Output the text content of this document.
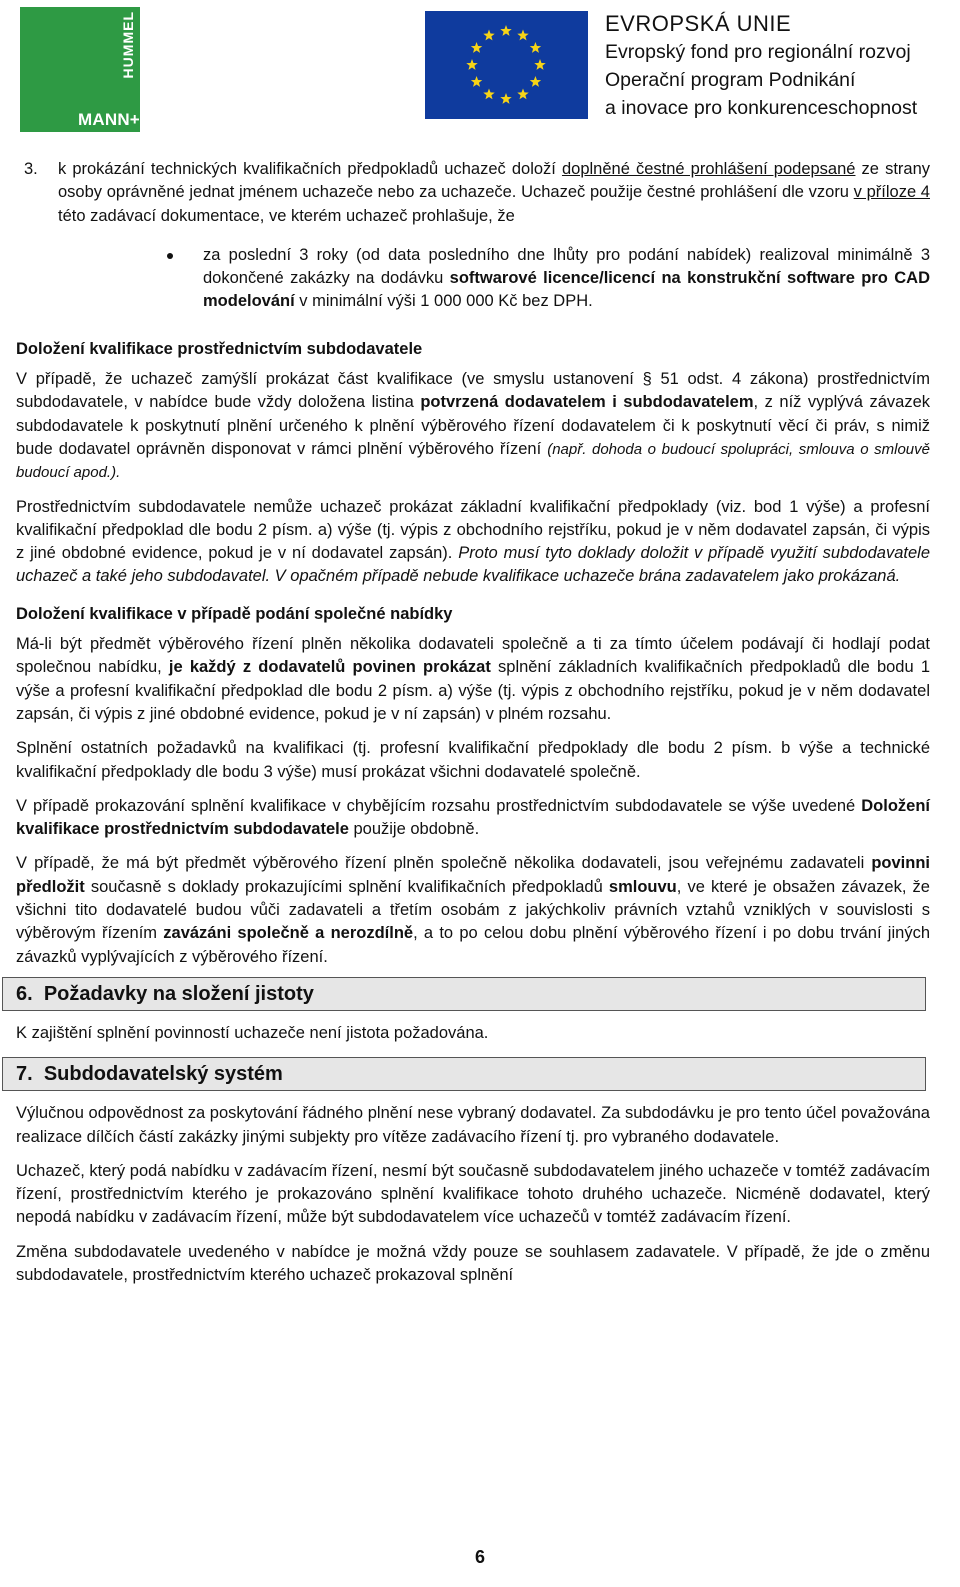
HUMMEL
MANN+
EVROPSKÁ UNIE
Evropský fond pro regionální rozvoj
Operační program Podnikání
a inovace pro konkurenceschopnost
3. k prokázání technických kvalifikačních předpokladů uchazeč doloží doplněné čestné prohlášení podepsané ze strany osoby oprávněné jednat jménem uchazeče nebo za uchazeče. Uchazeč použije čestné prohlášení dle vzoru v příloze 4 této zadávací dokumentace, ve kterém uchazeč prohlašuje, že

za poslední 3 roky (od data posledního dne lhůty pro podání nabídek) realizoval minimálně 3 dokončené zakázky na dodávku softwarové licence/licencí na konstrukční software pro CAD modelování v minimální výši 1 000 000 Kč bez DPH.

Doložení kvalifikace prostřednictvím subdodavatele

V případě, že uchazeč zamýšlí prokázat část kvalifikace (ve smyslu ustanovení § 51 odst. 4 zákona) prostřednictvím subdodavatele, v nabídce bude vždy doložena listina potvrzená dodavatelem i subdodavatelem, z níž vyplývá závazek subdodavatele k poskytnutí plnění určeného k plnění výběrového řízení dodavatelem či k poskytnutí věcí či práv, s nimiž bude dodavatel oprávněn disponovat v rámci plnění výběrového řízení (např. dohoda o budoucí spolupráci, smlouva o smlouvě budoucí apod.).

Prostřednictvím subdodavatele nemůže uchazeč prokázat základní kvalifikační předpoklady (viz. bod 1 výše) a profesní kvalifikační předpoklad dle bodu 2 písm. a) výše (tj. výpis z obchodního rejstříku, pokud je v něm dodavatel zapsán, či výpis z jiné obdobné evidence, pokud je v ní dodavatel zapsán). Proto musí tyto doklady doložit v případě využití subdodavatele uchazeč a také jeho subdodavatel. V opačném případě nebude kvalifikace uchazeče brána zadavatelem jako prokázaná.

Doložení kvalifikace v případě podání společné nabídky

Má-li být předmět výběrového řízení plněn několika dodavateli společně a ti za tímto účelem podávají či hodlají podat společnou nabídku, je každý z dodavatelů povinen prokázat splnění základních kvalifikačních předpokladů dle bodu 1 výše a profesní kvalifikační předpoklad dle bodu 2 písm. a) výše (tj. výpis z obchodního rejstříku, pokud je v něm dodavatel zapsán, či výpis z jiné obdobné evidence, pokud je v ní zapsán) v plném rozsahu.

Splnění ostatních požadavků na kvalifikaci (tj. profesní kvalifikační předpoklady dle bodu 2 písm. b výše a technické kvalifikační předpoklady dle bodu 3 výše) musí prokázat všichni dodavatelé společně.

V případě prokazování splnění kvalifikace v chybějícím rozsahu prostřednictvím subdodavatele se výše uvedené Doložení kvalifikace prostřednictvím subdodavatele použije obdobně.

V případě, že má být předmět výběrového řízení plněn společně několika dodavateli, jsou veřejnému zadavateli povinni předložit současně s doklady prokazujícími splnění kvalifikačních předpokladů smlouvu, ve které je obsažen závazek, že všichni tito dodavatelé budou vůči zadavateli a třetím osobám z jakýchkoliv právních vztahů vzniklých v souvislosti s výběrovým řízením zavázáni společně a nerozdílně, a to po celou dobu plnění výběrového řízení i po dobu trvání jiných závazků vyplývajících z výběrového řízení.

6. Požadavky na složení jistoty

K zajištění splnění povinností uchazeče není jistota požadována.

7. Subdodavatelský systém

Výlučnou odpovědnost za poskytování řádného plnění nese vybraný dodavatel. Za subdodávku je pro tento účel považována realizace dílčích částí zakázky jinými subjekty pro vítěze zadávacího řízení tj. pro vybraného dodavatele.

Uchazeč, který podá nabídku v zadávacím řízení, nesmí být současně subdodavatelem jiného uchazeče v tomtéž zadávacím řízení, prostřednictvím kterého je prokazováno splnění kvalifikace tohoto druhého uchazeče. Nicméně dodavatel, který nepodá nabídku v zadávacím řízení, může být subdodavatelem více uchazečů v tomtéž zadávacím řízení.

Změna subdodavatele uvedeného v nabídce je možná vždy pouze se souhlasem zadavatele. V případě, že jde o změnu subdodavatele, prostřednictvím kterého uchazeč prokazoval splnění

6
